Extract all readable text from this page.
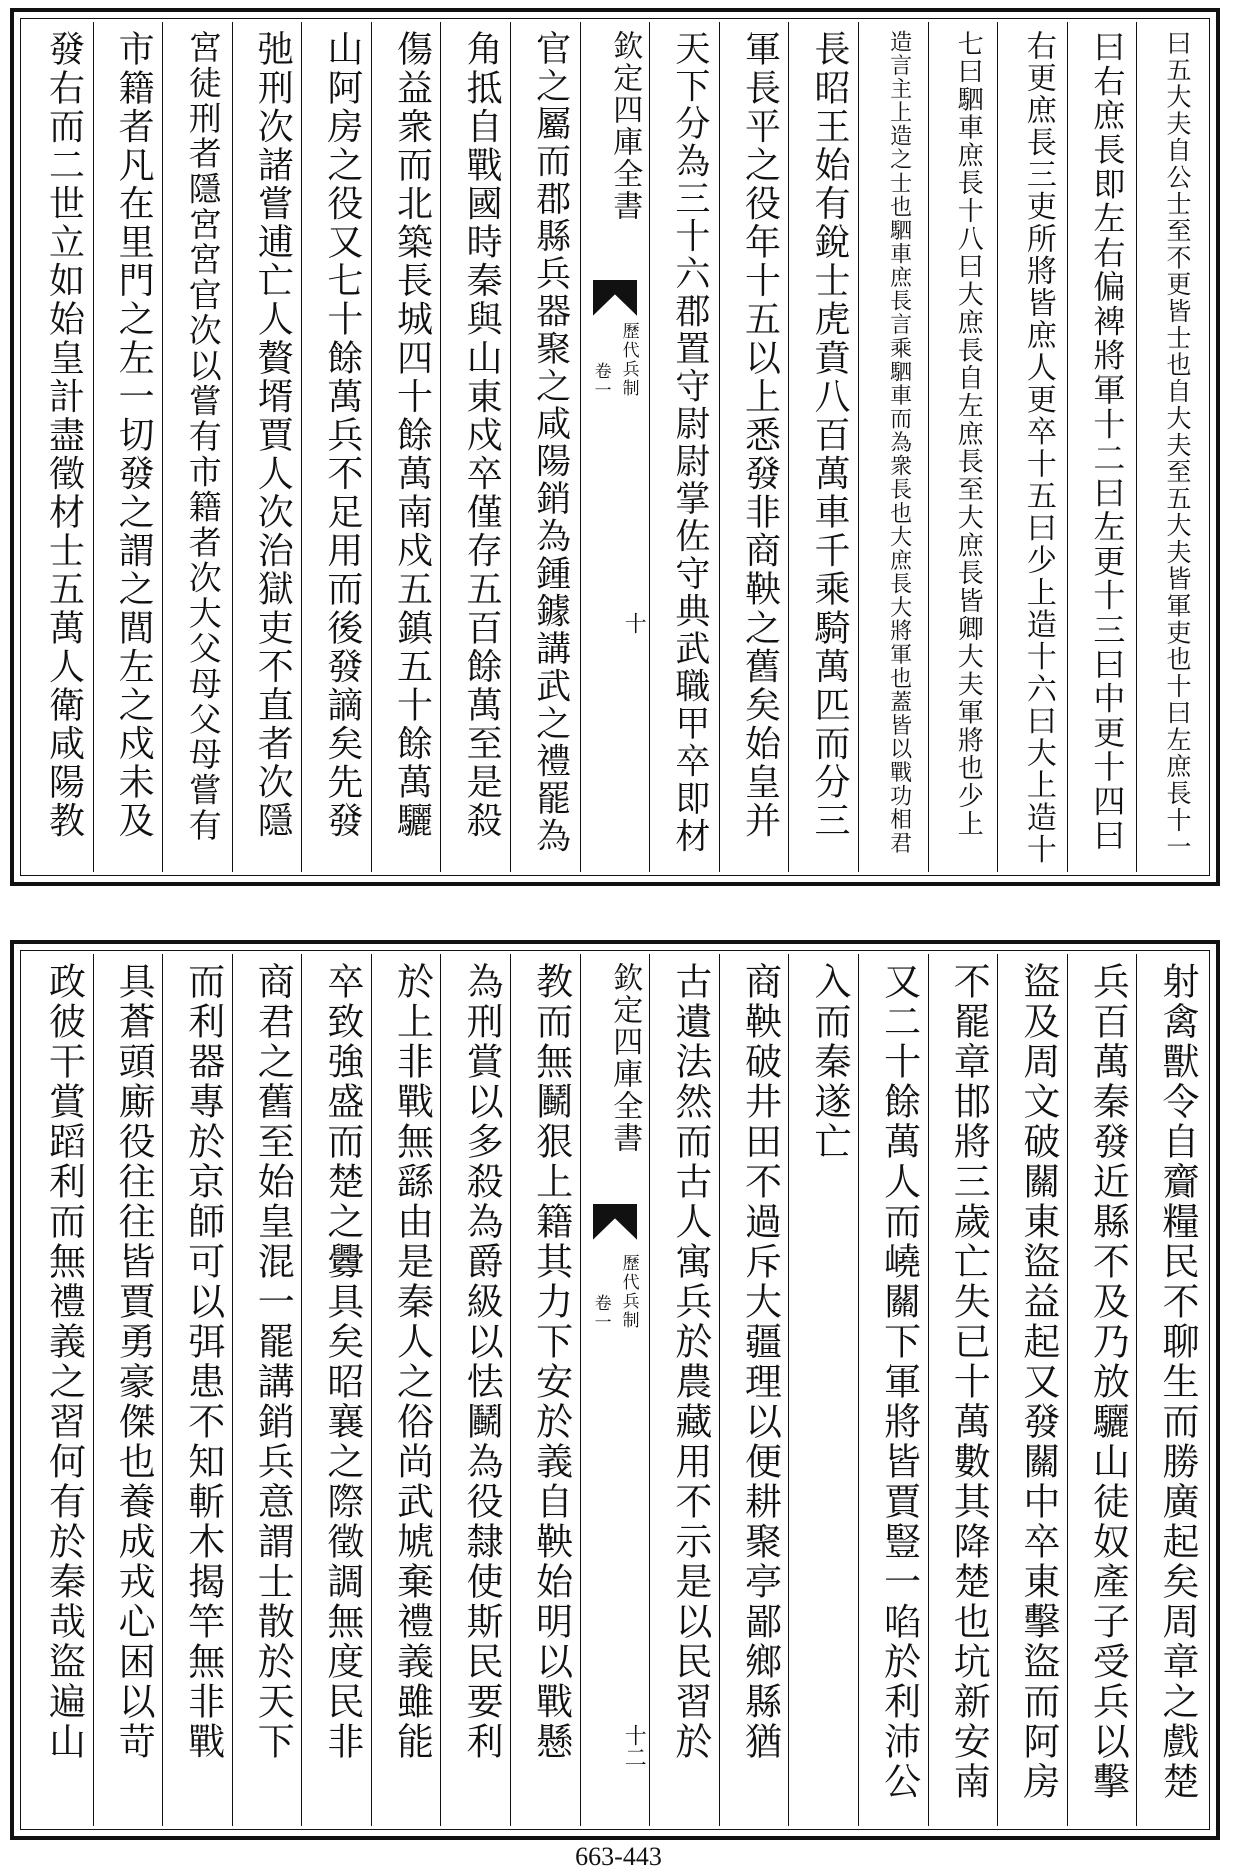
曰五大夫自公士至不更皆士也自大夫至五大夫皆軍吏也十曰左庶長十一
曰右庶長即左右偏裨將軍十二曰左更十三曰中更十四曰
右更庶長三吏所將皆庶人更卒十五曰少上造十六曰大上造十
七曰駟車庶長十八曰大庶長自左庶長至大庶長皆卿大夫軍將也少上
造言主上造之士也駟車庶長言乘駟車而為衆長也大庶長大將軍也蓋皆以戰功相君
長昭王始有銳士虎賁八百萬車千乘騎萬匹而分三
軍長平之役年十五以上悉發非商鞅之舊矣始皇并
天下分為三十六郡置守尉尉掌佐守典武職甲卒即材
欽定四庫全書
歷代兵制
卷一
十
官之屬而郡縣兵器聚之咸陽銷為鍾鐻講武之禮罷為
角抵自戰國時秦與山東戍卒僅存五百餘萬至是殺
傷益衆而北築長城四十餘萬南戍五鎮五十餘萬驪
山阿房之役又七十餘萬兵不足用而後發謫矣先發
弛刑次諸嘗逋亡人贅壻賈人次治獄吏不直者次隱
宮徒刑者隱宮宮官次以嘗有市籍者次大父母父母嘗有
市籍者凡在里門之左一切發之謂之閭左之戍未及
發右而二世立如始皇計盡徵材士五萬人衛咸陽教
射禽獸令自齎糧民不聊生而勝廣起矣周章之戲楚
兵百萬秦發近縣不及乃放驪山徒奴產子受兵以擊
盜及周文破關東盜益起又發關中卒東擊盜而阿房
不罷章邯將三歲亡失已十萬數其降楚也坑新安南
又二十餘萬人而嶢關下軍將皆賈豎一啗於利沛公
入而秦遂亡
商鞅破井田不過斥大疆理以便耕聚亭鄙鄉縣猶
古遺法然而古人寓兵於農藏用不示是以民習於
欽定四庫全書
歷代兵制
卷一
十二
教而無鬭狠上籍其力下安於義自鞅始明以戰懸
為刑賞以多殺為爵級以怯鬭為役隸使斯民要利
於上非戰無繇由是秦人之俗尚武虓棄禮義雖能
卒致強盛而楚之釁具矣昭襄之際徵調無度民非
商君之舊至始皇混一罷講銷兵意謂士散於天下
而利器專於京師可以弭患不知斬木揭竿無非戰
具蒼頭廝役往往皆賈勇豪傑也養成戎心困以苛
政彼干賞蹈利而無禮義之習何有於秦哉盜遍山
663-443
